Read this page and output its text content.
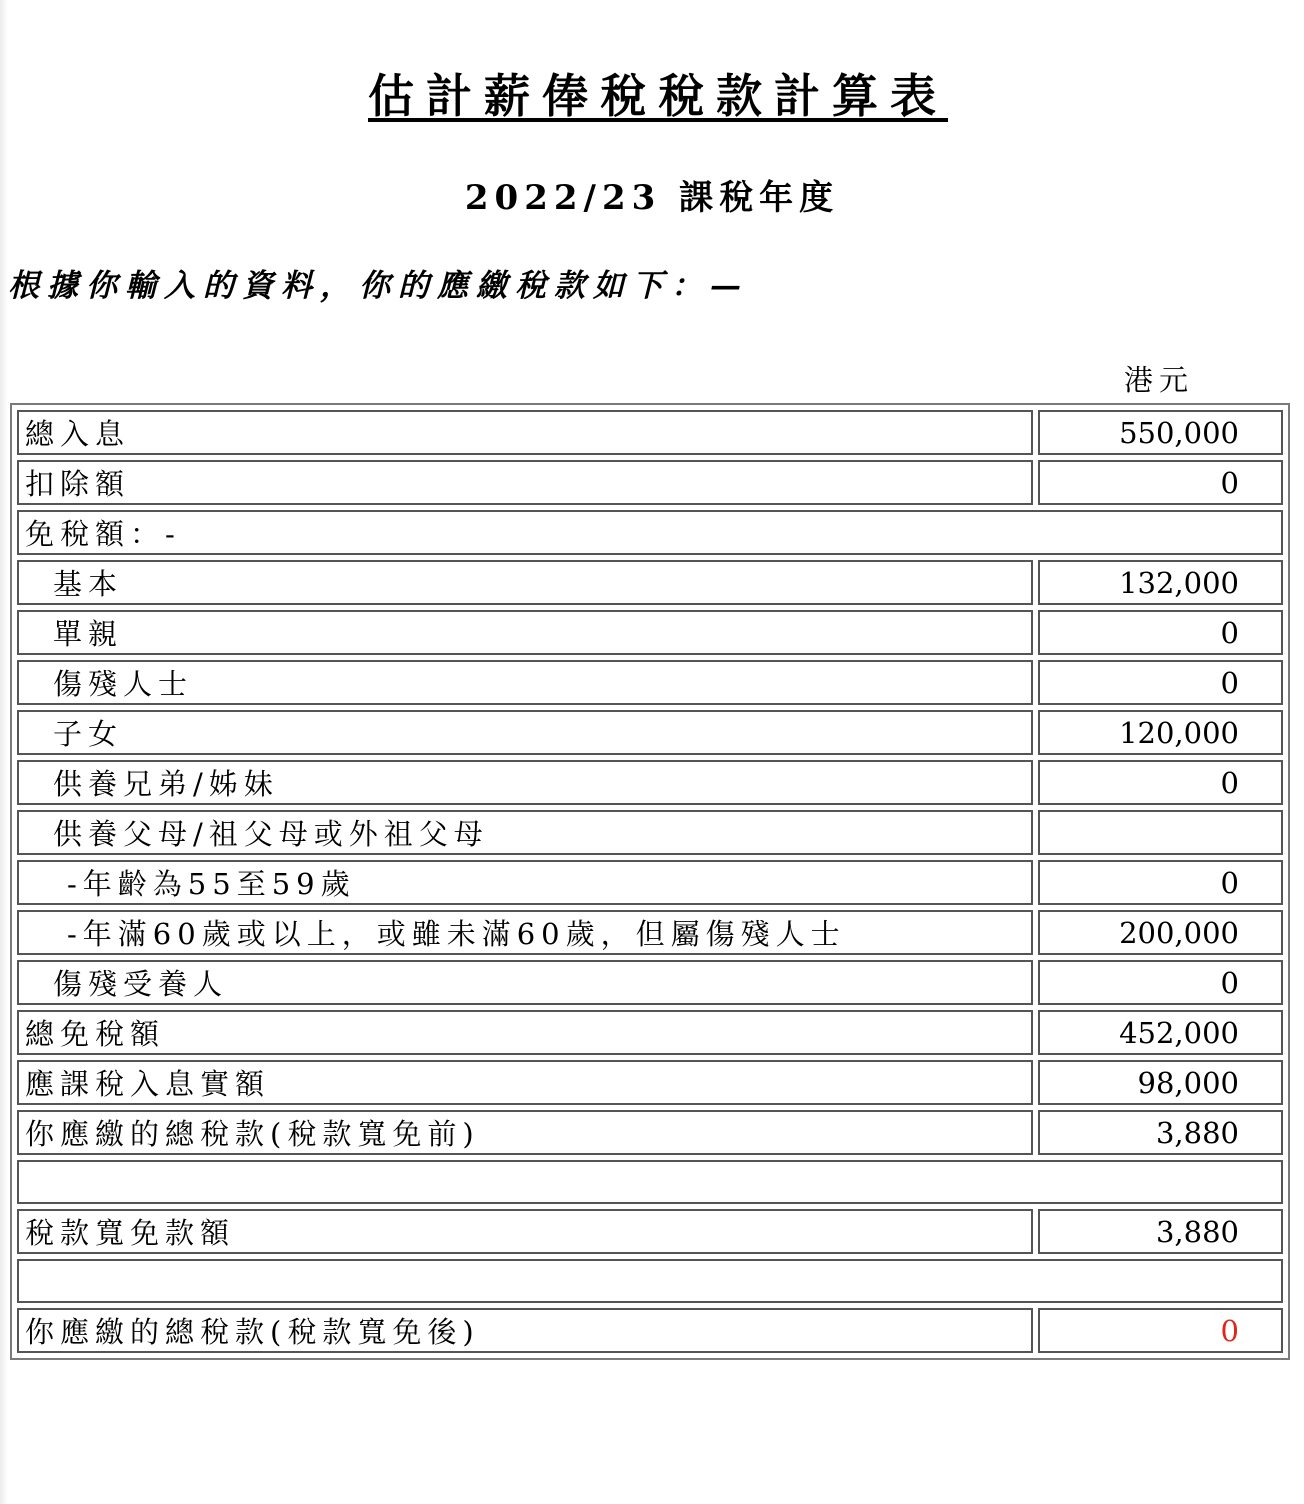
估計薪俸稅稅款計算表
2022/23 課稅年度
根據你輸入的資料，你的應繳稅款如下：—
港元
總入息	550,000
扣除額	0
免稅額：-	
基本	132,000
單親	0
傷殘人士	0
子女	120,000
供養兄弟/姊妹	0
供養父母/祖父母或外祖父母	
-年齡為55至59歲	0
-年滿60歲或以上，或雖未滿60歲，但屬傷殘人士	200,000
傷殘受養人	0
總免稅額	452,000
應課稅入息實額	98,000
你應繳的總稅款(稅款寬免前)	3,880

稅款寬免款額	3,880

你應繳的總稅款(稅款寬免後)	0
